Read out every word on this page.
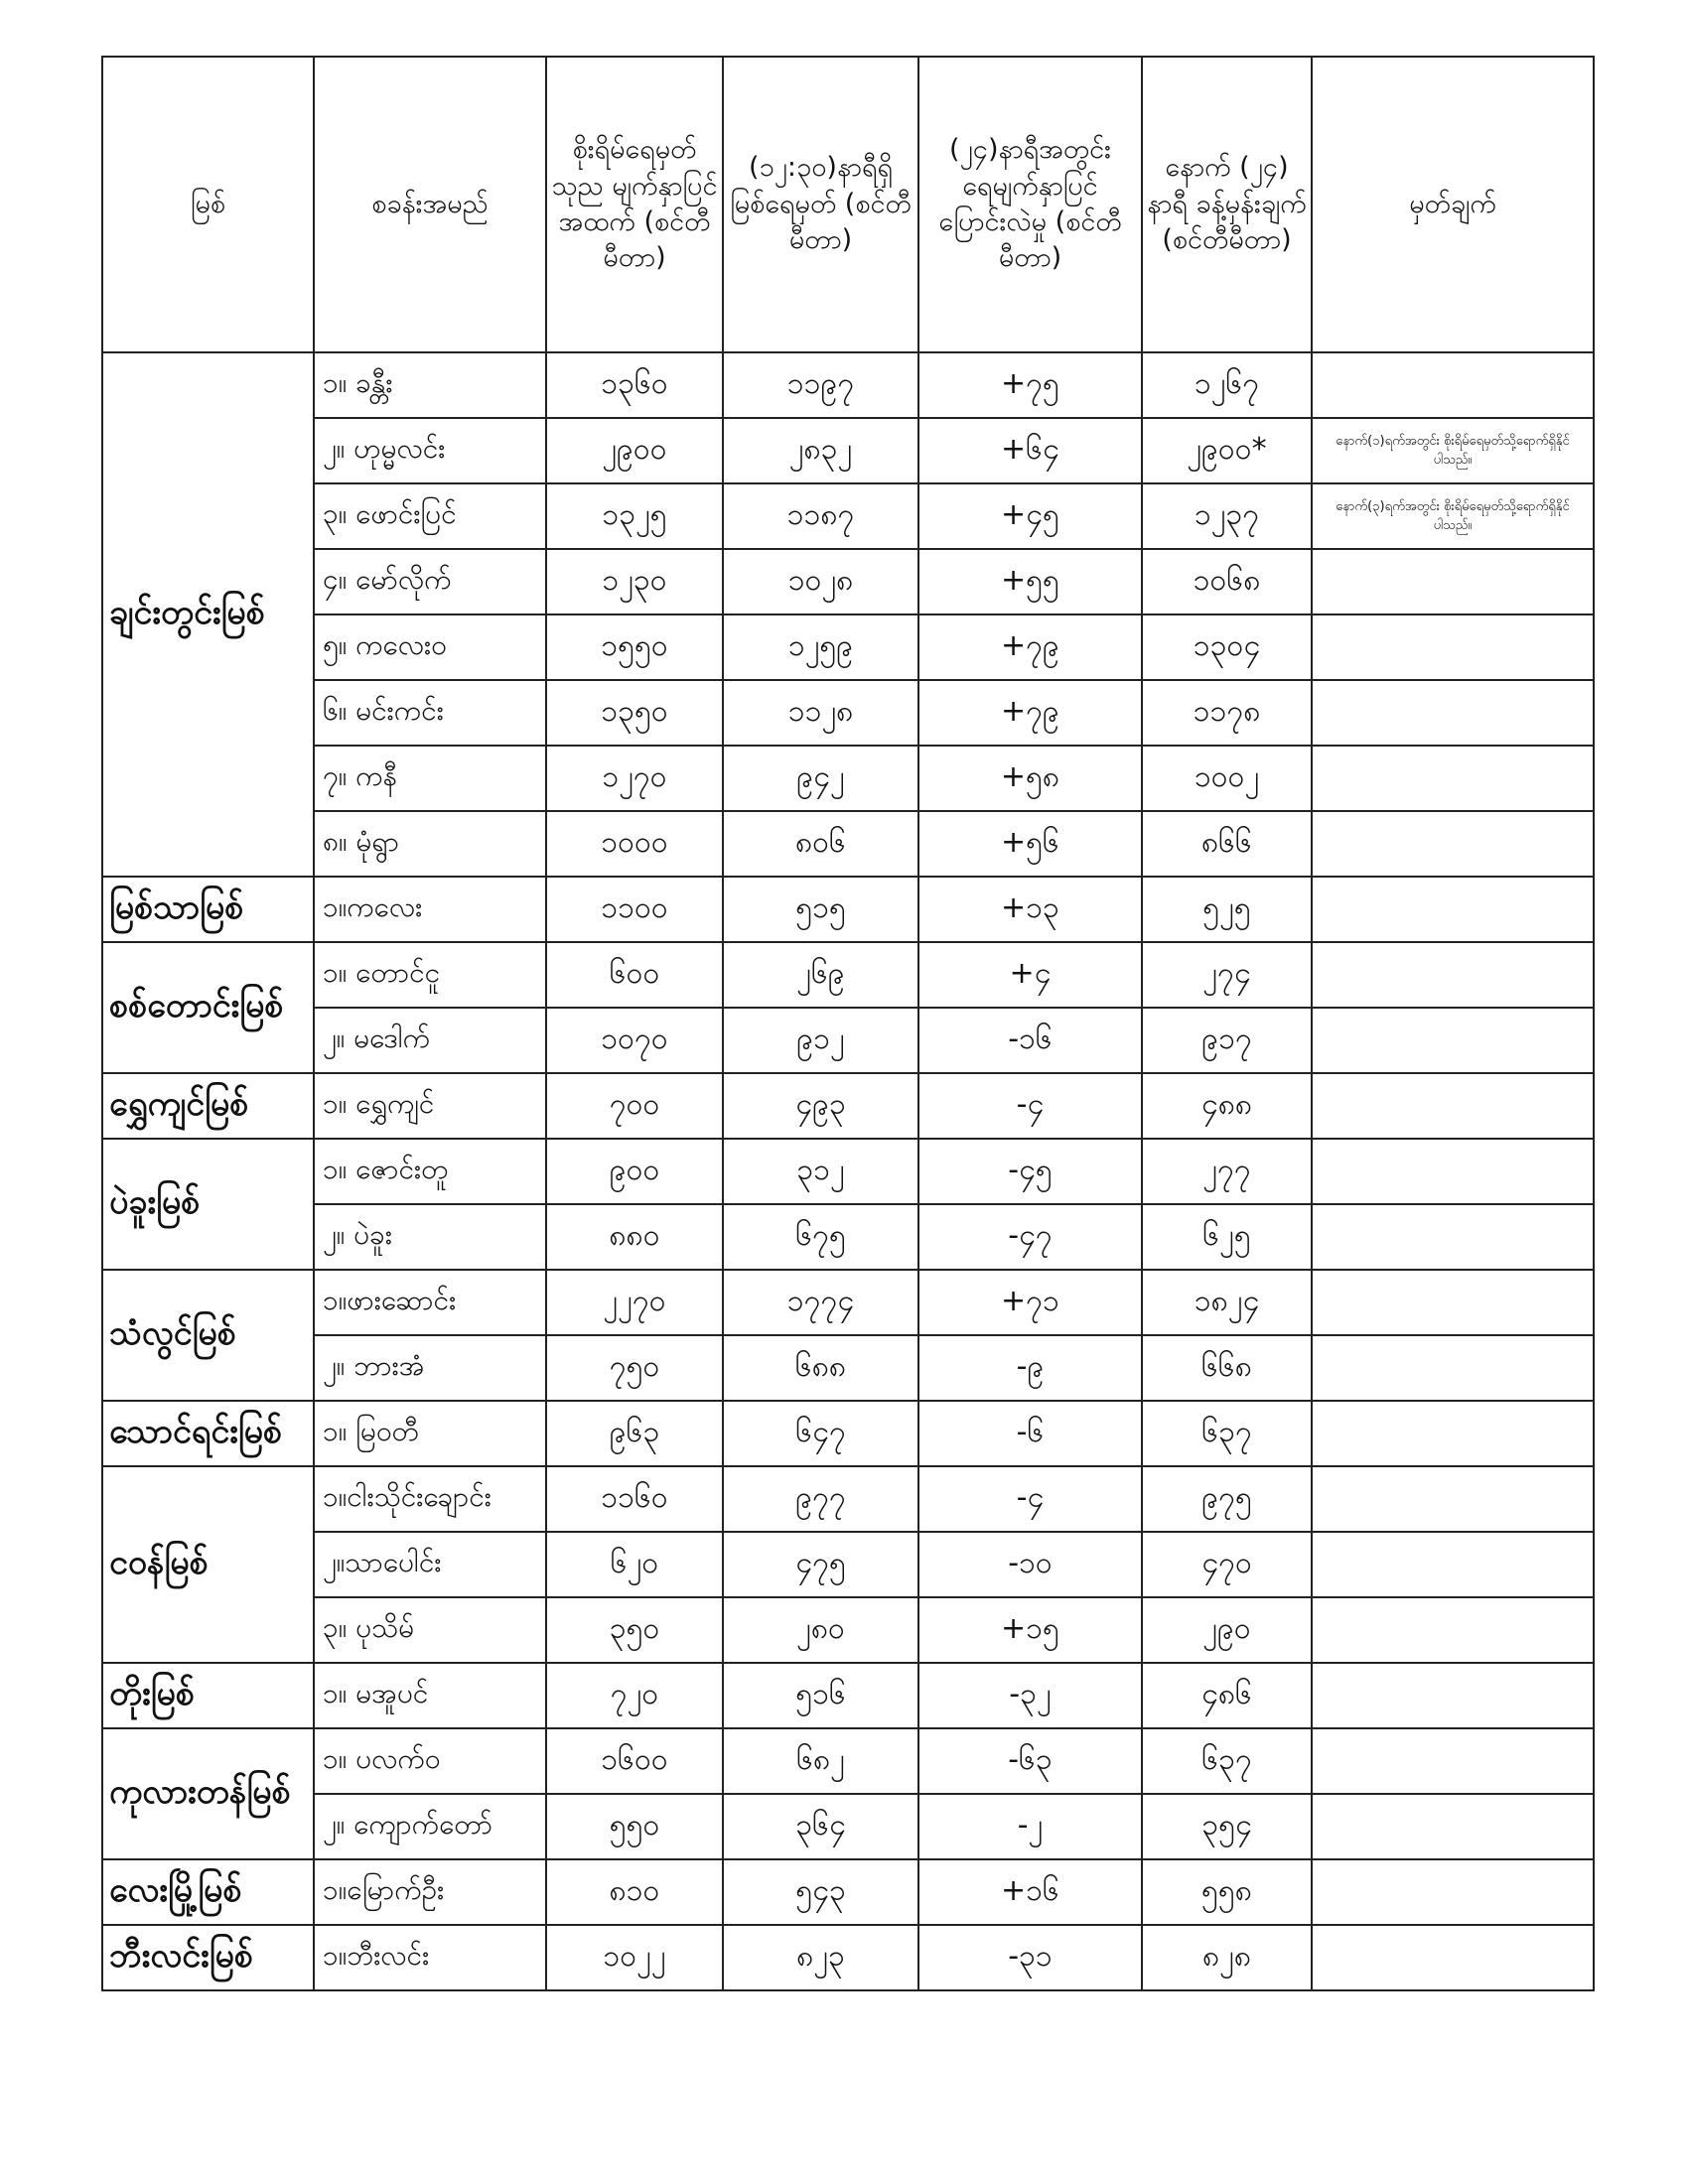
မြစ်	စခန်းအမည်	စိုးရိမ်ရေမှတ် သုည မျက်နှာပြင် အထက် (စင်တီမီတာ)	(၁၂:၃၀)နာရီရှိ မြစ်ရေမှတ် (စင်တီမီတာ)	(၂၄)နာရီအတွင်း ရေမျက်နှာပြင် ပြောင်းလဲမှု (စင်တီမီတာ)	နောက် (၂၄) နာရီ ခန့်မှန်းချက် (စင်တီမီတာ)	မှတ်ချက်
ချင်းတွင်းမြစ်	၁။ ခန္တီး	၁၃၆၀	၁၁၉၇	+၇၅	၁၂၆၇	
	၂။ ဟုမ္မလင်း	၂၉၀၀	၂၈၃၂	+၆၄	၂၉၀၀*	နောက်(၁)ရက်အတွင်း စိုးရိမ်ရေမှတ်သို့ရောက်ရှိနိုင်ပါသည်။
	၃။ ဖောင်းပြင်	၁၃၂၅	၁၁၈၇	+၄၅	၁၂၃၇	နောက်(၃)ရက်အတွင်း စိုးရိမ်ရေမှတ်သို့ရောက်ရှိနိုင်ပါသည်။
	၄။ မော်လိုက်	၁၂၃၀	၁၀၂၈	+၅၅	၁၀၆၈	
	၅။ ကလေးဝ	၁၅၅၀	၁၂၅၉	+၇၉	၁၃၀၄	
	၆။ မင်းကင်း	၁၃၅၀	၁၁၂၈	+၇၉	၁၁၇၈	
	၇။ ကနီ	၁၂၇၀	၉၄၂	+၅၈	၁၀၀၂	
	၈။ မုံရွာ	၁၀၀၀	၈၀၆	+၅၆	၈၆၆	
မြစ်သာမြစ်	၁။ကလေး	၁၁၀၀	၅၁၅	+၁၃	၅၂၅	
စစ်တောင်းမြစ်	၁။ တောင်ငူ	၆၀၀	၂၆၉	+၄	၂၇၄	
	၂။ မဒေါက်	၁၀၇၀	၉၁၂	-၁၆	၉၁၇	
ရွှေကျင်မြစ်	၁။ ရွှေကျင်	၇၀၀	၄၉၃	-၄	၄၈၈	
ပဲခူးမြစ်	၁။ ဇောင်းတူ	၉၀၀	၃၁၂	-၄၅	၂၇၇	
	၂။ ပဲခူး	၈၈၀	၆၇၅	-၄၇	၆၂၅	
သံလွင်မြစ်	၁။ဖားဆောင်း	၂၂၇၀	၁၇၇၄	+၇၁	၁၈၂၄	
	၂။ ဘားအံ	၇၅၀	၆၈၈	-၉	၆၆၈	
သောင်ရင်းမြစ်	၁။ မြဝတီ	၉၆၃	၆၄၇	-၆	၆၃၇	
ငဝန်မြစ်	၁။ငါးသိုင်းချောင်း	၁၁၆၀	၉၇၇	-၄	၉၇၅	
	၂။သာပေါင်း	၆၂၀	၄၇၅	-၁၀	၄၇၀	
	၃။ ပုသိမ်	၃၅၀	၂၈၀	+၁၅	၂၉၀	
တိုးမြစ်	၁။ မအူပင်	၇၂၀	၅၁၆	-၃၂	၄၈၆	
ကုလားတန်မြစ်	၁။ ပလက်ဝ	၁၆၀၀	၆၈၂	-၆၃	၆၃၇	
	၂။ ကျောက်တော်	၅၅၀	၃၆၄	-၂	၃၅၄	
လေးမြို့မြစ်	၁။မြောက်ဦး	၈၁၀	၅၄၃	+၁၆	၅၅၈	
ဘီးလင်းမြစ်	၁။ဘီးလင်း	၁၀၂၂	၈၂၃	-၃၁	၈၂၈	
